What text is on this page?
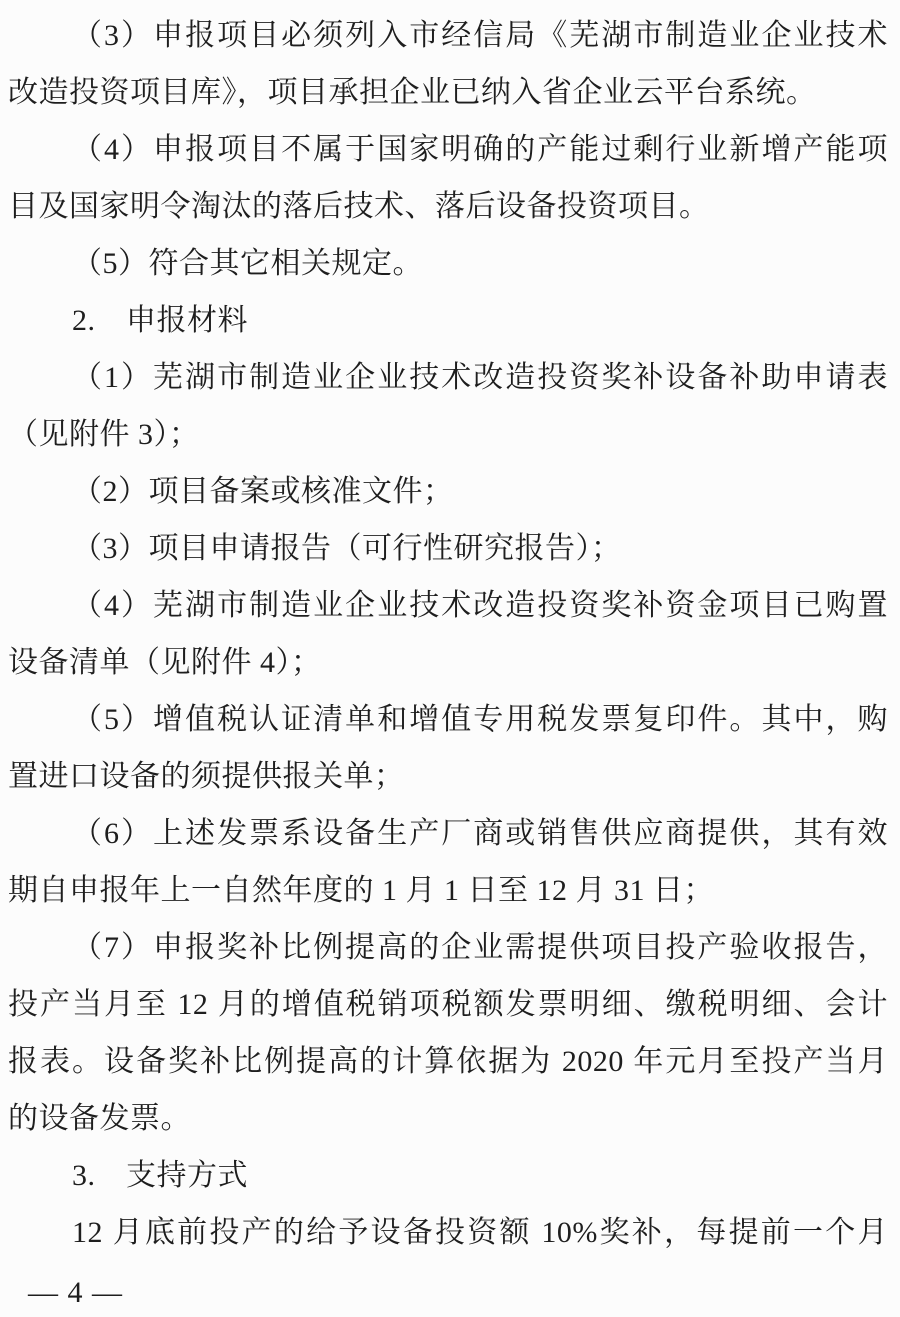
（3）申报项目必须列入市经信局《芜湖市制造业企业技术
改造投资项目库》，项目承担企业已纳入省企业云平台系统。
（4）申报项目不属于国家明确的产能过剩行业新增产能项
目及国家明令淘汰的落后技术、落后设备投资项目。
（5）符合其它相关规定。
2.　申报材料
（1）芜湖市制造业企业技术改造投资奖补设备补助申请表
（见附件 3）；
（2）项目备案或核准文件；
（3）项目申请报告（可行性研究报告）；
（4）芜湖市制造业企业技术改造投资奖补资金项目已购置
设备清单（见附件 4）；
（5）增值税认证清单和增值专用税发票复印件。其中，购
置进口设备的须提供报关单；
（6）上述发票系设备生产厂商或销售供应商提供，其有效
期自申报年上一自然年度的 1 月 1 日至 12 月 31 日；
（7）申报奖补比例提高的企业需提供项目投产验收报告，
投产当月至 12 月的增值税销项税额发票明细、缴税明细、会计
报表。设备奖补比例提高的计算依据为 2020 年元月至投产当月
的设备发票。
3.　支持方式
12 月底前投产的给予设备投资额 10%奖补，每提前一个月
— 4 —
